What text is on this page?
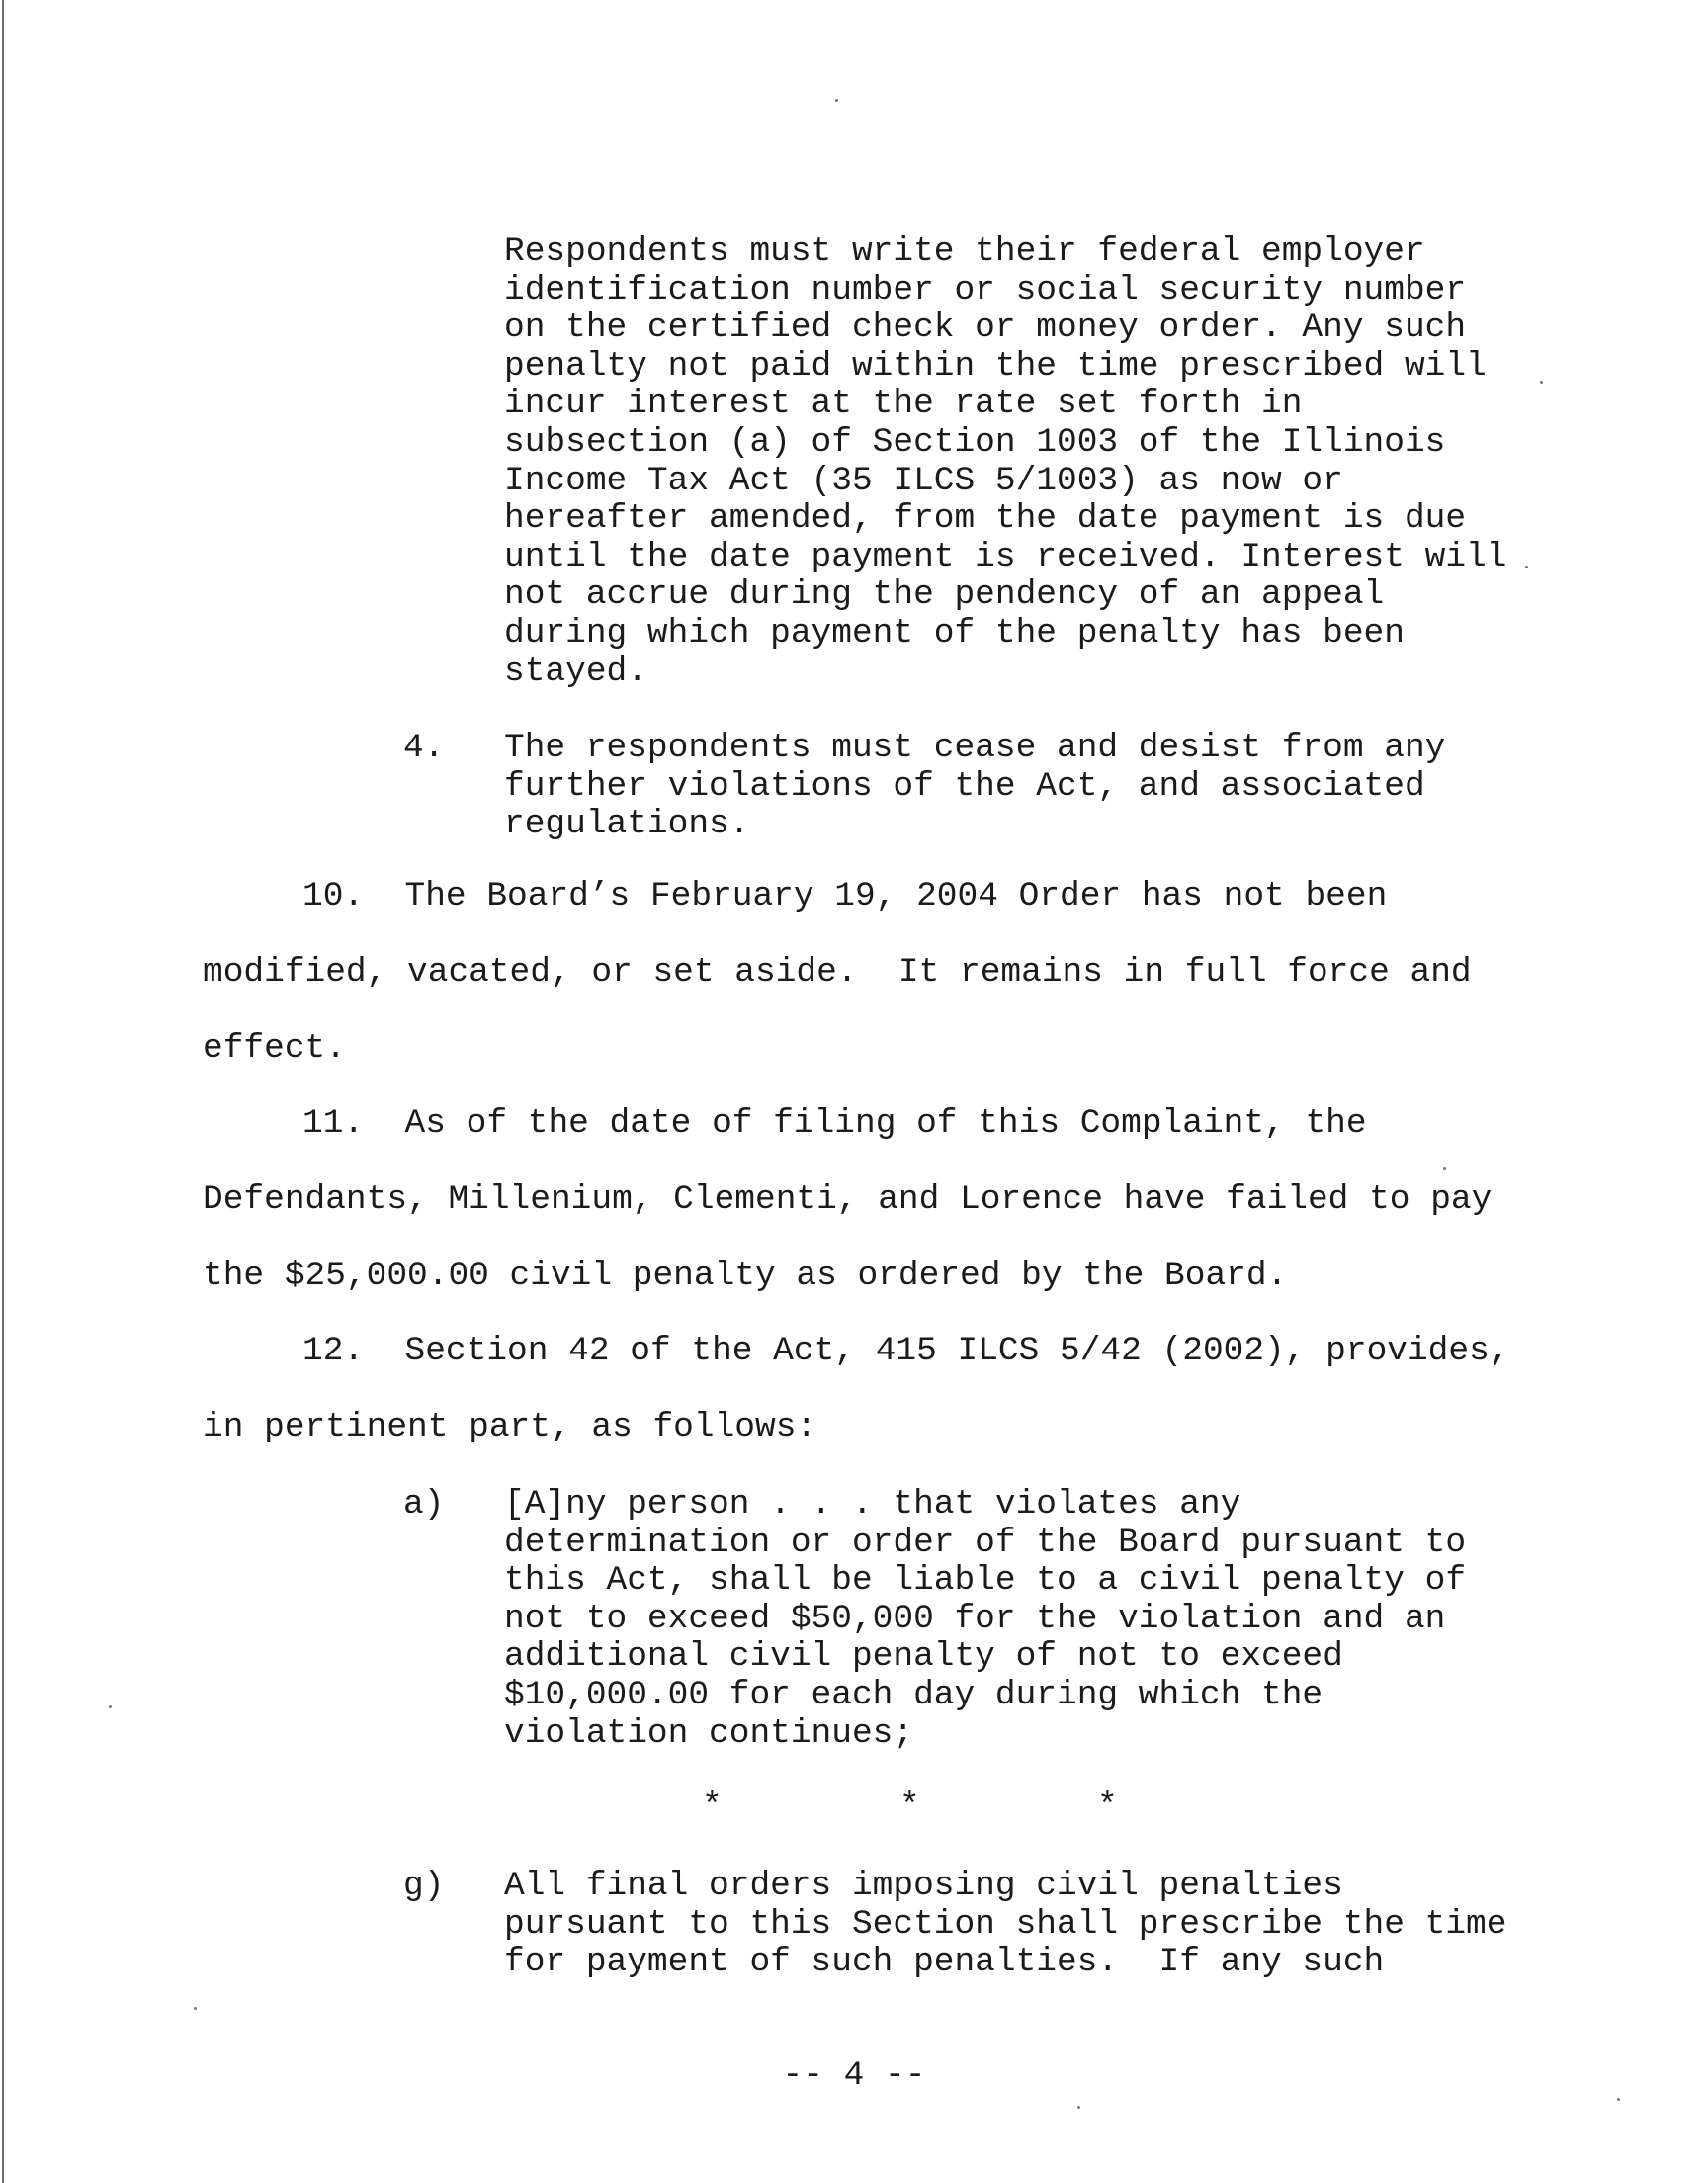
Respondents must write their federal employer
identification number or social security number
on the certified check or money order. Any such
penalty not paid within the time prescribed will
incur interest at the rate set forth in
subsection (a) of Section 1003 of the Illinois
Income Tax Act (35 ILCS 5/1003) as now or
hereafter amended, from the date payment is due
until the date payment is received. Interest will
not accrue during the pendency of an appeal
during which payment of the penalty has been
stayed.
4. The respondents must cease and desist from any
further violations of the Act, and associated
regulations.
10.  The Board’s February 19, 2004 Order has not been
modified, vacated, or set aside.  It remains in full force and
effect.
11.  As of the date of filing of this Complaint, the
Defendants, Millenium, Clementi, and Lorence have failed to pay
the $25,000.00 civil penalty as ordered by the Board.
12.  Section 42 of the Act, 415 ILCS 5/42 (2002), provides,
in pertinent part, as follows:
a) [A]ny person . . . that violates any
determination or order of the Board pursuant to
this Act, shall be liable to a civil penalty of
not to exceed $50,000 for the violation and an
additional civil penalty of not to exceed
$10,000.00 for each day during which the
violation continues;
*	*	*
g) All final orders imposing civil penalties
pursuant to this Section shall prescribe the time
for payment of such penalties.  If any such
-- 4 --
